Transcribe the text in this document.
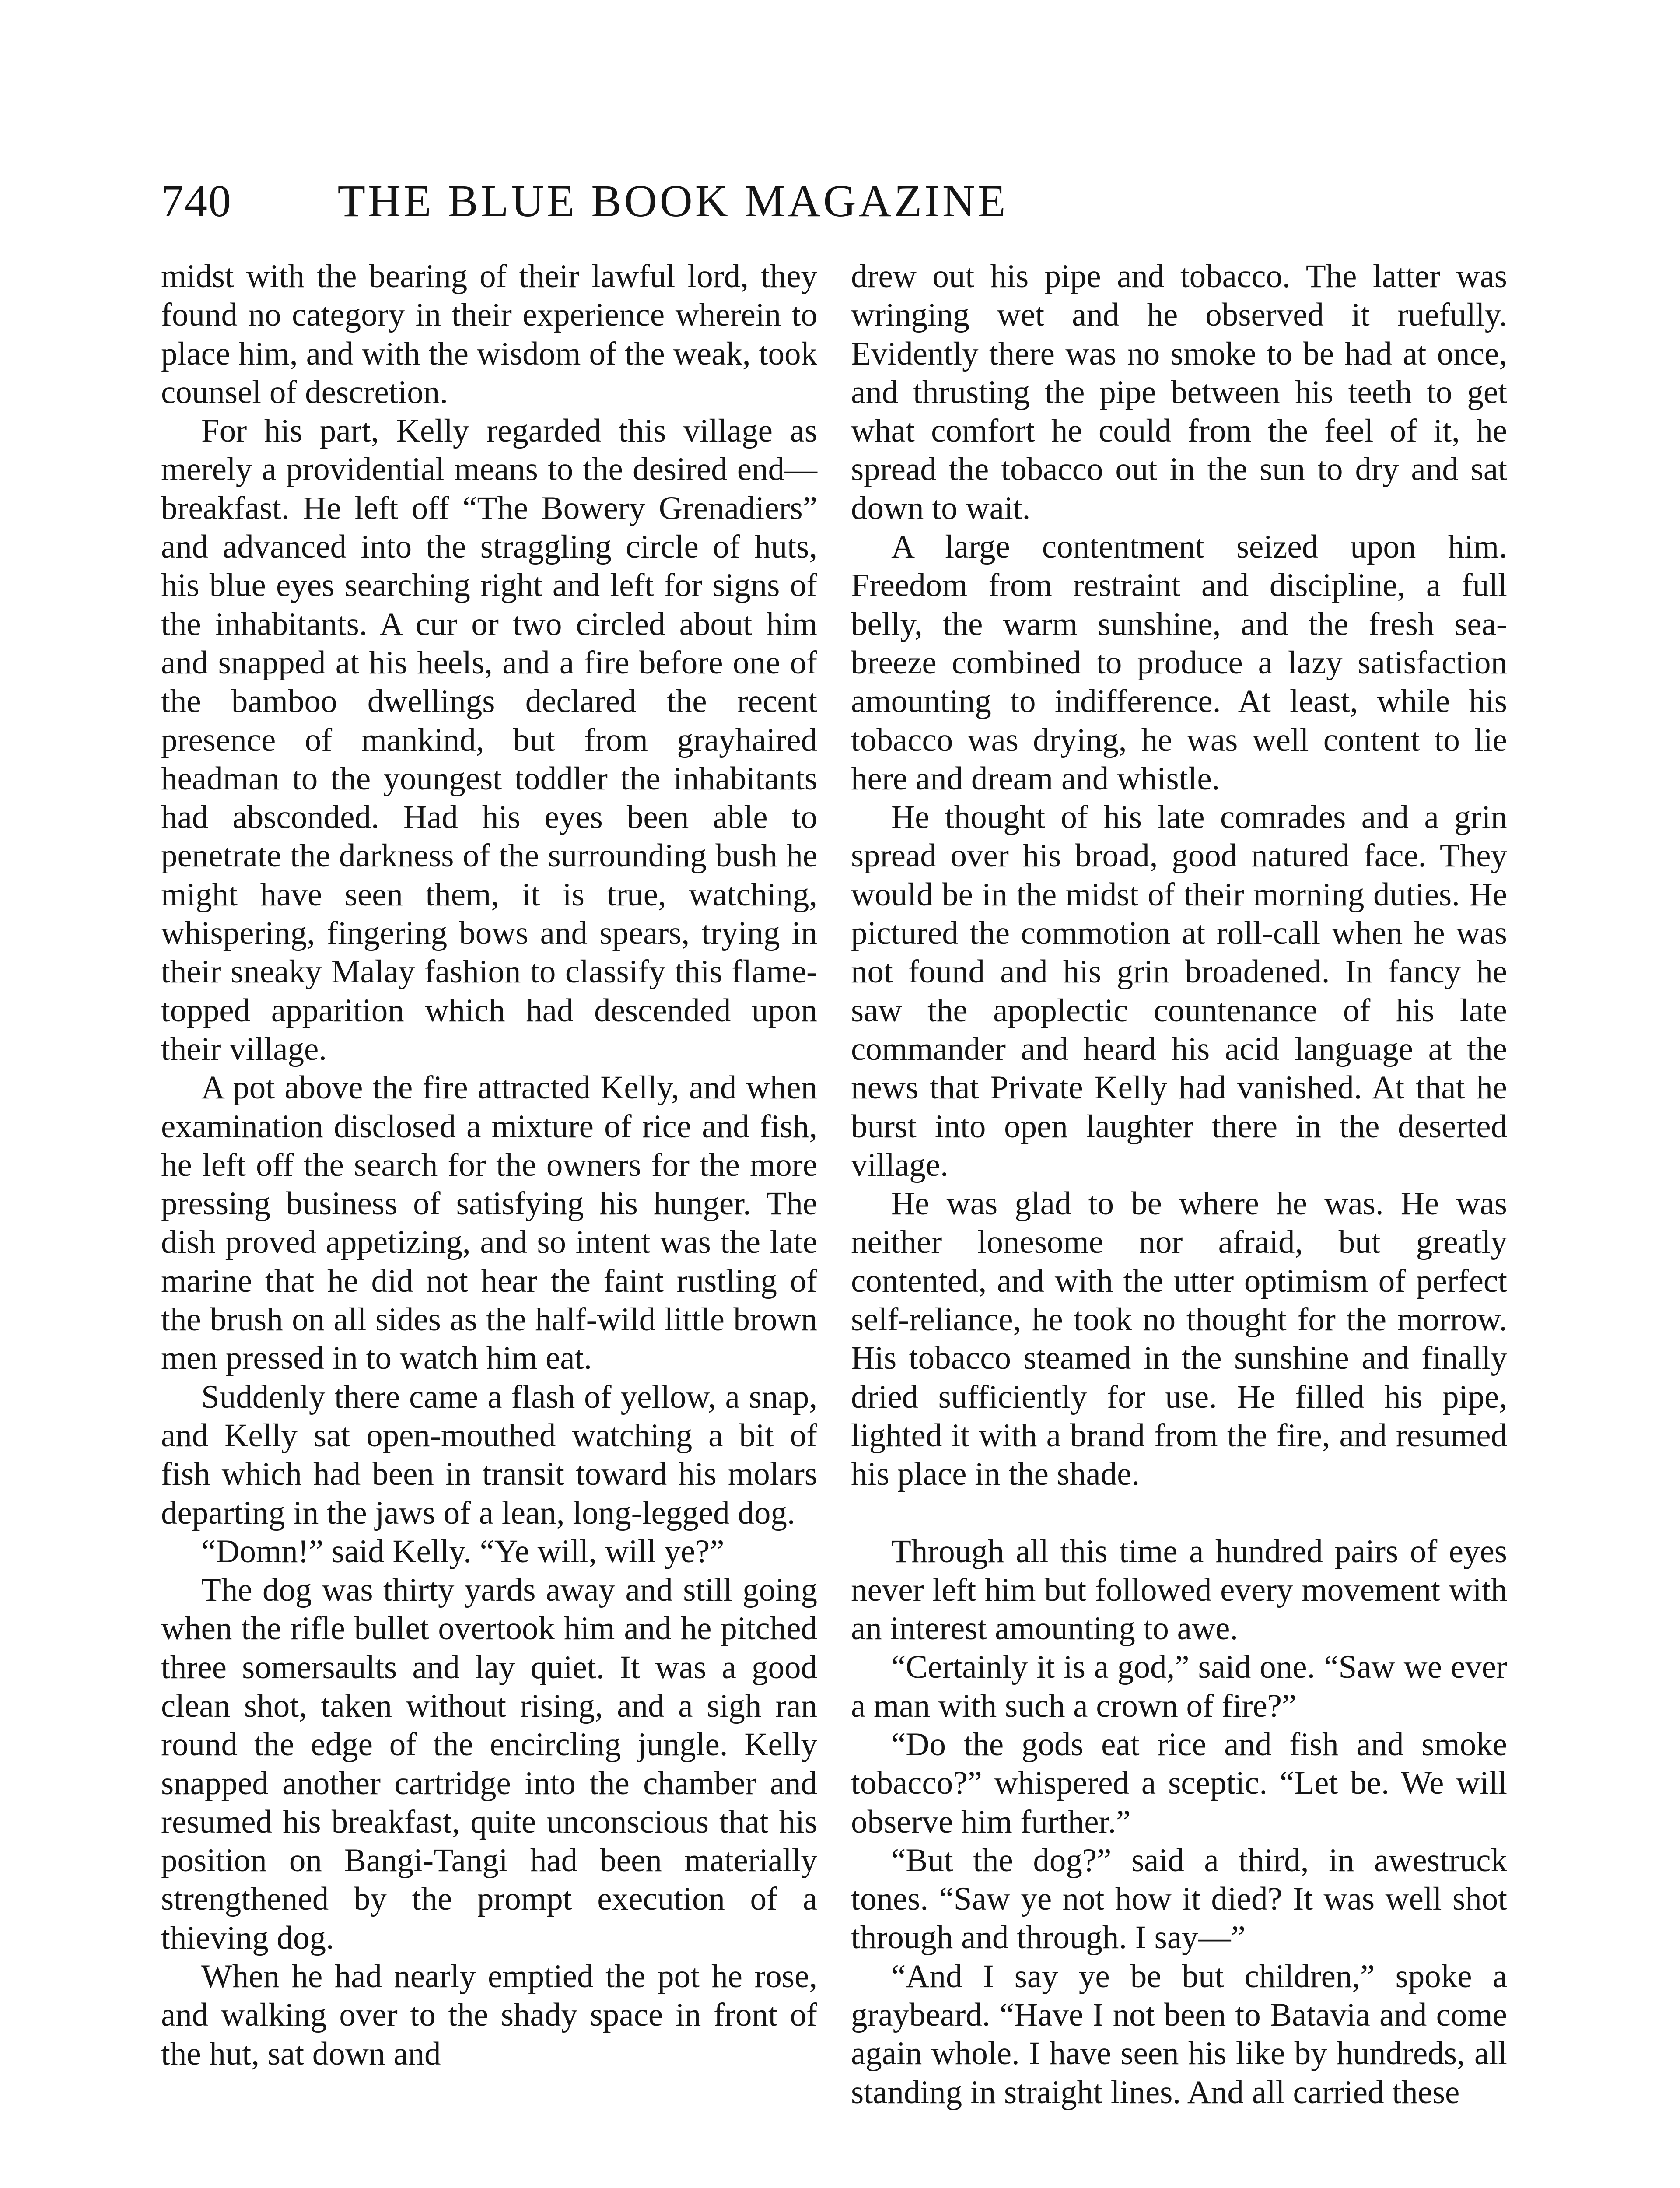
740	THE BLUE BOOK MAGAZINE

midst with the bearing of their lawful lord, they found no category in their experience wherein to place him, and with the wisdom of the weak, took counsel of descretion.

For his part, Kelly regarded this village as merely a providential means to the desired end—breakfast. He left off “The Bowery Grenadiers” and advanced into the straggling circle of huts, his blue eyes searching right and left for signs of the inhabitants. A cur or two circled about him and snapped at his heels, and a fire before one of the bamboo dwellings declared the recent presence of mankind, but from grayhaired headman to the youngest toddler the inhabitants had absconded. Had his eyes been able to penetrate the darkness of the surrounding bush he might have seen them, it is true, watching, whispering, fingering bows and spears, trying in their sneaky Malay fashion to classify this flame-topped apparition which had descended upon their village.

A pot above the fire attracted Kelly, and when examination disclosed a mixture of rice and fish, he left off the search for the owners for the more pressing business of satisfying his hunger. The dish proved appetizing, and so intent was the late marine that he did not hear the faint rustling of the brush on all sides as the half-wild little brown men pressed in to watch him eat.

Suddenly there came a flash of yellow, a snap, and Kelly sat open-mouthed watching a bit of fish which had been in transit toward his molars departing in the jaws of a lean, long-legged dog.

“Domn!” said Kelly. “Ye will, will ye?”

The dog was thirty yards away and still going when the rifle bullet overtook him and he pitched three somersaults and lay quiet. It was a good clean shot, taken without rising, and a sigh ran round the edge of the encircling jungle. Kelly snapped another cartridge into the chamber and resumed his breakfast, quite unconscious that his position on Bangi-Tangi had been materially strengthened by the prompt execution of a thieving dog.

When he had nearly emptied the pot he rose, and walking over to the shady space in front of the hut, sat down and

drew out his pipe and tobacco. The latter was wringing wet and he observed it ruefully. Evidently there was no smoke to be had at once, and thrusting the pipe between his teeth to get what comfort he could from the feel of it, he spread the tobacco out in the sun to dry and sat down to wait.

A large contentment seized upon him. Freedom from restraint and discipline, a full belly, the warm sunshine, and the fresh sea-breeze combined to produce a lazy satisfaction amounting to indifference. At least, while his tobacco was drying, he was well content to lie here and dream and whistle.

He thought of his late comrades and a grin spread over his broad, good natured face. They would be in the midst of their morning duties. He pictured the commotion at roll-call when he was not found and his grin broadened. In fancy he saw the apoplectic countenance of his late commander and heard his acid language at the news that Private Kelly had vanished. At that he burst into open laughter there in the deserted village.

He was glad to be where he was. He was neither lonesome nor afraid, but greatly contented, and with the utter optimism of perfect self-reliance, he took no thought for the morrow. His tobacco steamed in the sunshine and finally dried sufficiently for use. He filled his pipe, lighted it with a brand from the fire, and resumed his place in the shade.

Through all this time a hundred pairs of eyes never left him but followed every movement with an interest amounting to awe.

“Certainly it is a god,” said one. “Saw we ever a man with such a crown of fire?”

“Do the gods eat rice and fish and smoke tobacco?” whispered a sceptic. “Let be. We will observe him further.”

“But the dog?” said a third, in awestruck tones. “Saw ye not how it died? It was well shot through and through. I say—”

“And I say ye be but children,” spoke a graybeard. “Have I not been to Batavia and come again whole. I have seen his like by hundreds, all standing in straight lines. And all carried these
